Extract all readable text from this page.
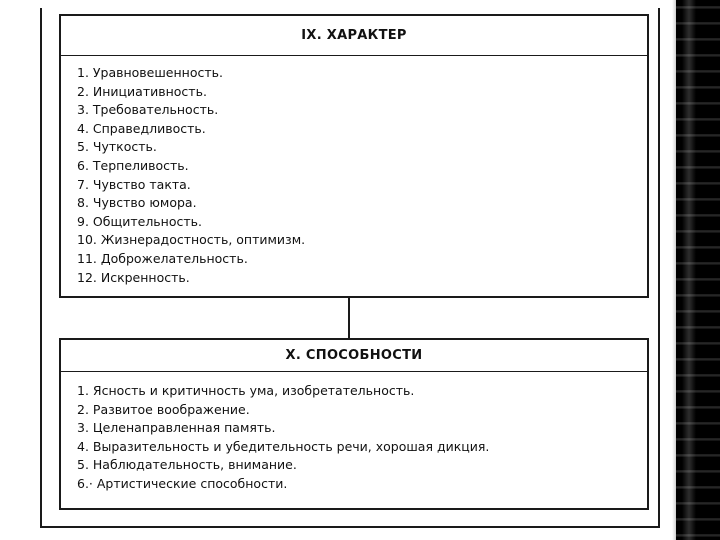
IX. ХАРАКТЕР
1. Уравновешенность.
2. Инициативность.
3. Требовательность.
4. Справедливость.
5. Чуткость.
6. Терпеливость.
7. Чувство такта.
8. Чувство юмора.
9. Общительность.
10. Жизнерадостность, оптимизм.
11. Доброжелательность.
12. Искренность.
X. СПОСОБНОСТИ
1. Ясность и критичность ума, изобретательность.
2. Развитое воображение.
3. Целенаправленная память.
4. Выразительность и убедительность речи, хорошая дикция.
5. Наблюдательность, внимание.
6.· Артистические способности.
